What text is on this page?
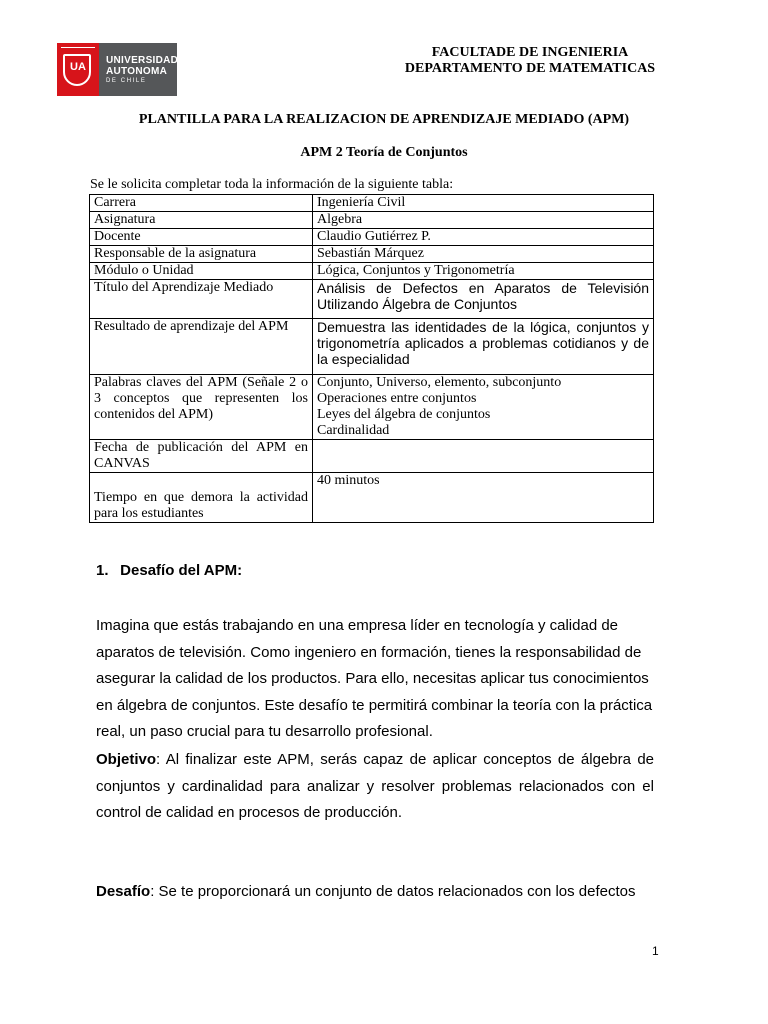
UA
UNIVERSIDAD
AUTONOMA
DE CHILE
FACULTADE DE INGENIERIA
DEPARTAMENTO DE MATEMATICAS
PLANTILLA PARA LA REALIZACION DE APRENDIZAJE MEDIADO (APM)
APM 2 Teoría de Conjuntos
Se le solicita completar toda la información de la siguiente tabla:
Carrera	Ingeniería Civil
Asignatura	Algebra
Docente	Claudio Gutiérrez P.
Responsable de la asignatura	Sebastián Márquez
Módulo o Unidad	Lógica, Conjuntos y Trigonometría
Título del Aprendizaje Mediado	Análisis de Defectos en Aparatos de Televisión Utilizando Álgebra de Conjuntos
Resultado de aprendizaje del APM	Demuestra las identidades de la lógica, conjuntos y trigonometría aplicados a problemas cotidianos y de la especialidad
Palabras claves del APM (Señale 2 o 3 conceptos que representen los contenidos del APM)	Conjunto, Universo, elemento, subconjunto
Operaciones entre conjuntos
Leyes del álgebra de conjuntos
Cardinalidad

Fecha de publicación del APM en CANVAS	
Tiempo en que demora la actividad para los estudiantes	40 minutos
1. Desafío del APM:
Imagina que estás trabajando en una empresa líder en tecnología y calidad de aparatos de televisión. Como ingeniero en formación, tienes la responsabilidad de asegurar la calidad de los productos. Para ello, necesitas aplicar tus conocimientos en álgebra de conjuntos. Este desafío te permitirá combinar la teoría con la práctica real, un paso crucial para tu desarrollo profesional.
Objetivo: Al finalizar este APM, serás capaz de aplicar conceptos de álgebra de conjuntos y cardinalidad para analizar y resolver problemas relacionados con el control de calidad en procesos de producción.
Desafío: Se te proporcionará un conjunto de datos relacionados con los defectos
1
